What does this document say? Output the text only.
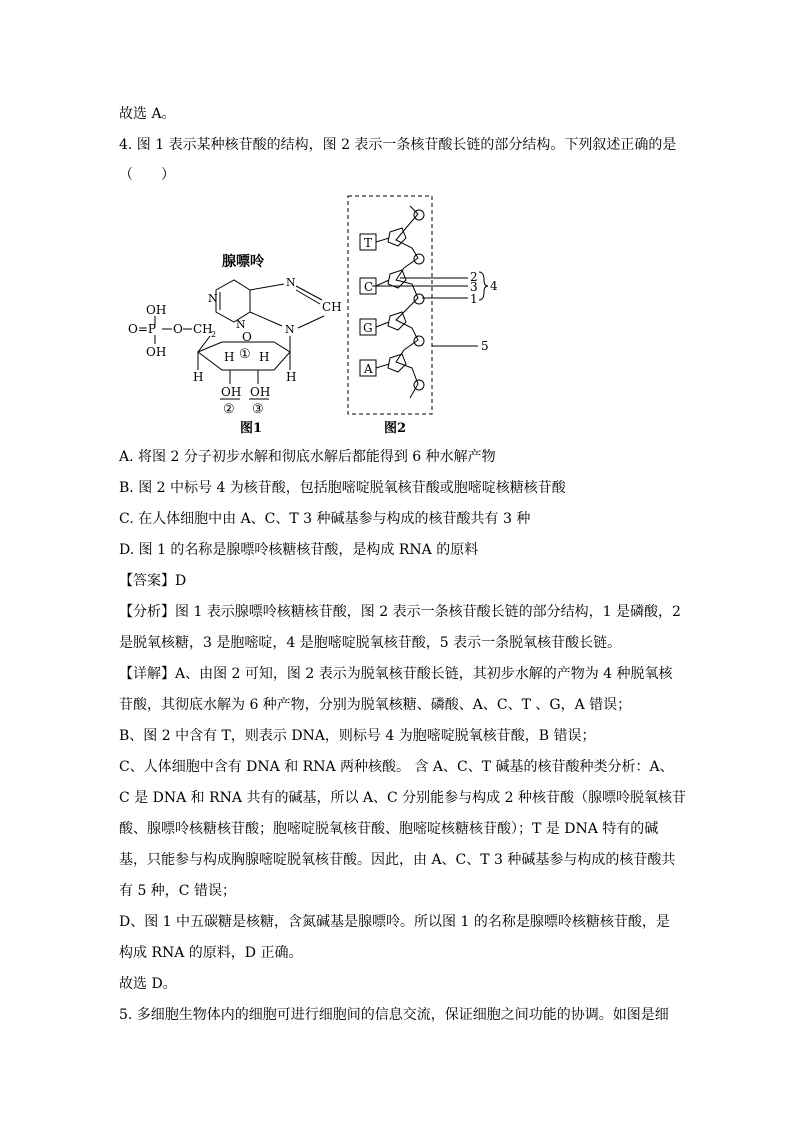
故选 A。
4. 图 1 表示某种核苷酸的结构，图 2 表示一条核苷酸长链的部分结构。下列叙述正确的是
（　　）
OH
O=P
OH
O CH
2 O
①
H
H H
H
OH OH
② ③
腺嘌呤
N
N
N
CH
N
图1
T
C
G
A
2
3
1
4
5
图2
A. 将图 2 分子初步水解和彻底水解后都能得到 6 种水解产物
B. 图 2 中标号 4 为核苷酸，包括胞嘧啶脱氧核苷酸或胞嘧啶核糖核苷酸
C. 在人体细胞中由 A、C、T 3 种碱基参与构成的核苷酸共有 3 种
D. 图 1 的名称是腺嘌呤核糖核苷酸，是构成 RNA 的原料
【答案】D
【分析】图 1 表示腺嘌呤核糖核苷酸，图 2 表示一条核苷酸长链的部分结构，1 是磷酸，2
是脱氧核糖，3 是胞嘧啶，4 是胞嘧啶脱氧核苷酸，5 表示一条脱氧核苷酸长链。
【详解】A、由图 2 可知，图 2 表示为脱氧核苷酸长链，其初步水解的产物为 4 种脱氧核
苷酸，其彻底水解为 6 种产物，分别为脱氧核糖、磷酸、A、C、T 、G，A 错误；
B、图 2 中含有 T，则表示 DNA，则标号 4 为胞嘧啶脱氧核苷酸，B 错误；
C、人体细胞中含有 DNA 和 RNA 两种核酸。 含 A、C、T 碱基的核苷酸种类分析：A、
C 是 DNA 和 RNA 共有的碱基，所以 A、C 分别能参与构成 2 种核苷酸（腺嘌呤脱氧核苷
酸、腺嘌呤核糖核苷酸；胞嘧啶脱氧核苷酸、胞嘧啶核糖核苷酸）；T 是 DNA 特有的碱
基，只能参与构成胸腺嘧啶脱氧核苷酸。因此，由 A、C、T 3 种碱基参与构成的核苷酸共
有 5 种，C 错误；
D、图 1 中五碳糖是核糖，含氮碱基是腺嘌呤。所以图 1 的名称是腺嘌呤核糖核苷酸，是
构成 RNA 的原料，D 正确。
故选 D。
5. 多细胞生物体内的细胞可进行细胞间的信息交流，保证细胞之间功能的协调。如图是细
